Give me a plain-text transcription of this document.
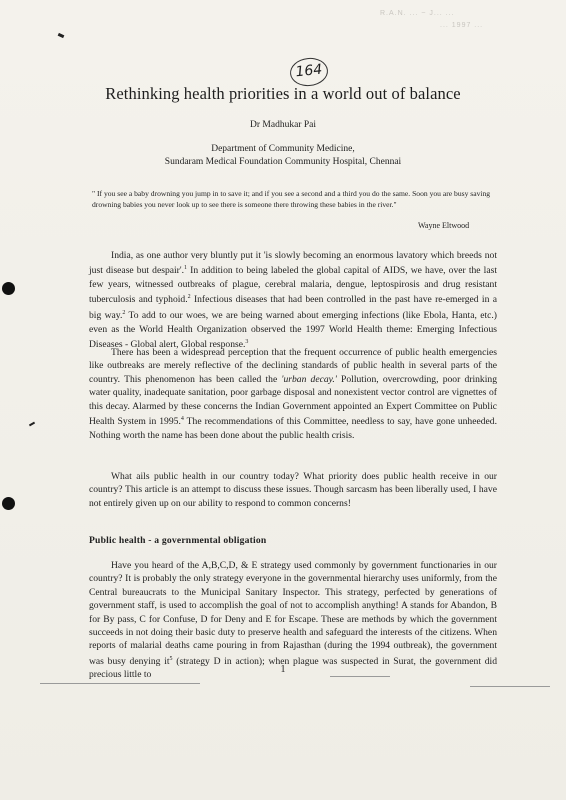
R.A.N. ... ~ J... ...
... 1997 ...
164
Rethinking health priorities in a world out of balance
Dr Madhukar Pai
Department of Community Medicine,
Sundaram Medical Foundation Community Hospital, Chennai
" If you see a baby drowning you jump in to save it; and if you see a second and a third you do the same. Soon you are busy saving drowning babies you never look up to see there is someone there throwing these babies in the river."
Wayne Eltwood
India, as one author very bluntly put it 'is slowly becoming an enormous lavatory which breeds not just disease but despair'.$^1$ In addition to being labeled the global capital of AIDS, we have, over the last few years, witnessed outbreaks of plague, cerebral malaria, dengue, leptospirosis and drug resistant tuberculosis and typhoid.$^2$ Infectious diseases that had been controlled in the past have re-emerged in a big way.$^2$ To add to our woes, we are being warned about emerging infections (like Ebola, Hanta, etc.) even as the World Health Organization observed the 1997 World Health theme: Emerging Infectious Diseases - Global alert, Global response.$^3$
There has been a widespread perception that the frequent occurrence of public health emergencies like outbreaks are merely reflective of the declining standards of public health in several parts of the country. This phenomenon has been called the 'urban decay.' Pollution, overcrowding, poor drinking water quality, inadequate sanitation, poor garbage disposal and nonexistent vector control are vignettes of this decay. Alarmed by these concerns the Indian Government appointed an Expert Committee on Public Health System in 1995.$^4$ The recommendations of this Committee, needless to say, have gone unheeded. Nothing worth the name has been done about the public health crisis.
What ails public health in our country today? What priority does public health receive in our country? This article is an attempt to discuss these issues. Though sarcasm has been liberally used, I have not entirely given up on our ability to respond to common concerns!
Public health - a governmental obligation
Have you heard of the A,B,C,D, & E strategy used commonly by government functionaries in our country? It is probably the only strategy everyone in the governmental hierarchy uses uniformly, from the Central bureaucrats to the Municipal Sanitary Inspector. This strategy, perfected by generations of government staff, is used to accomplish the goal of not to accomplish anything! A stands for Abandon, B for By pass, C for Confuse, D for Deny and E for Escape. These are methods by which the government succeeds in not doing their basic duty to preserve health and safeguard the interests of the citizens. When reports of malarial deaths came pouring in from Rajasthan (during the 1994 outbreak), the government was busy denying $it^5$ (strategy D in action); when plague was suspected in Surat, the government did precious little to	1
